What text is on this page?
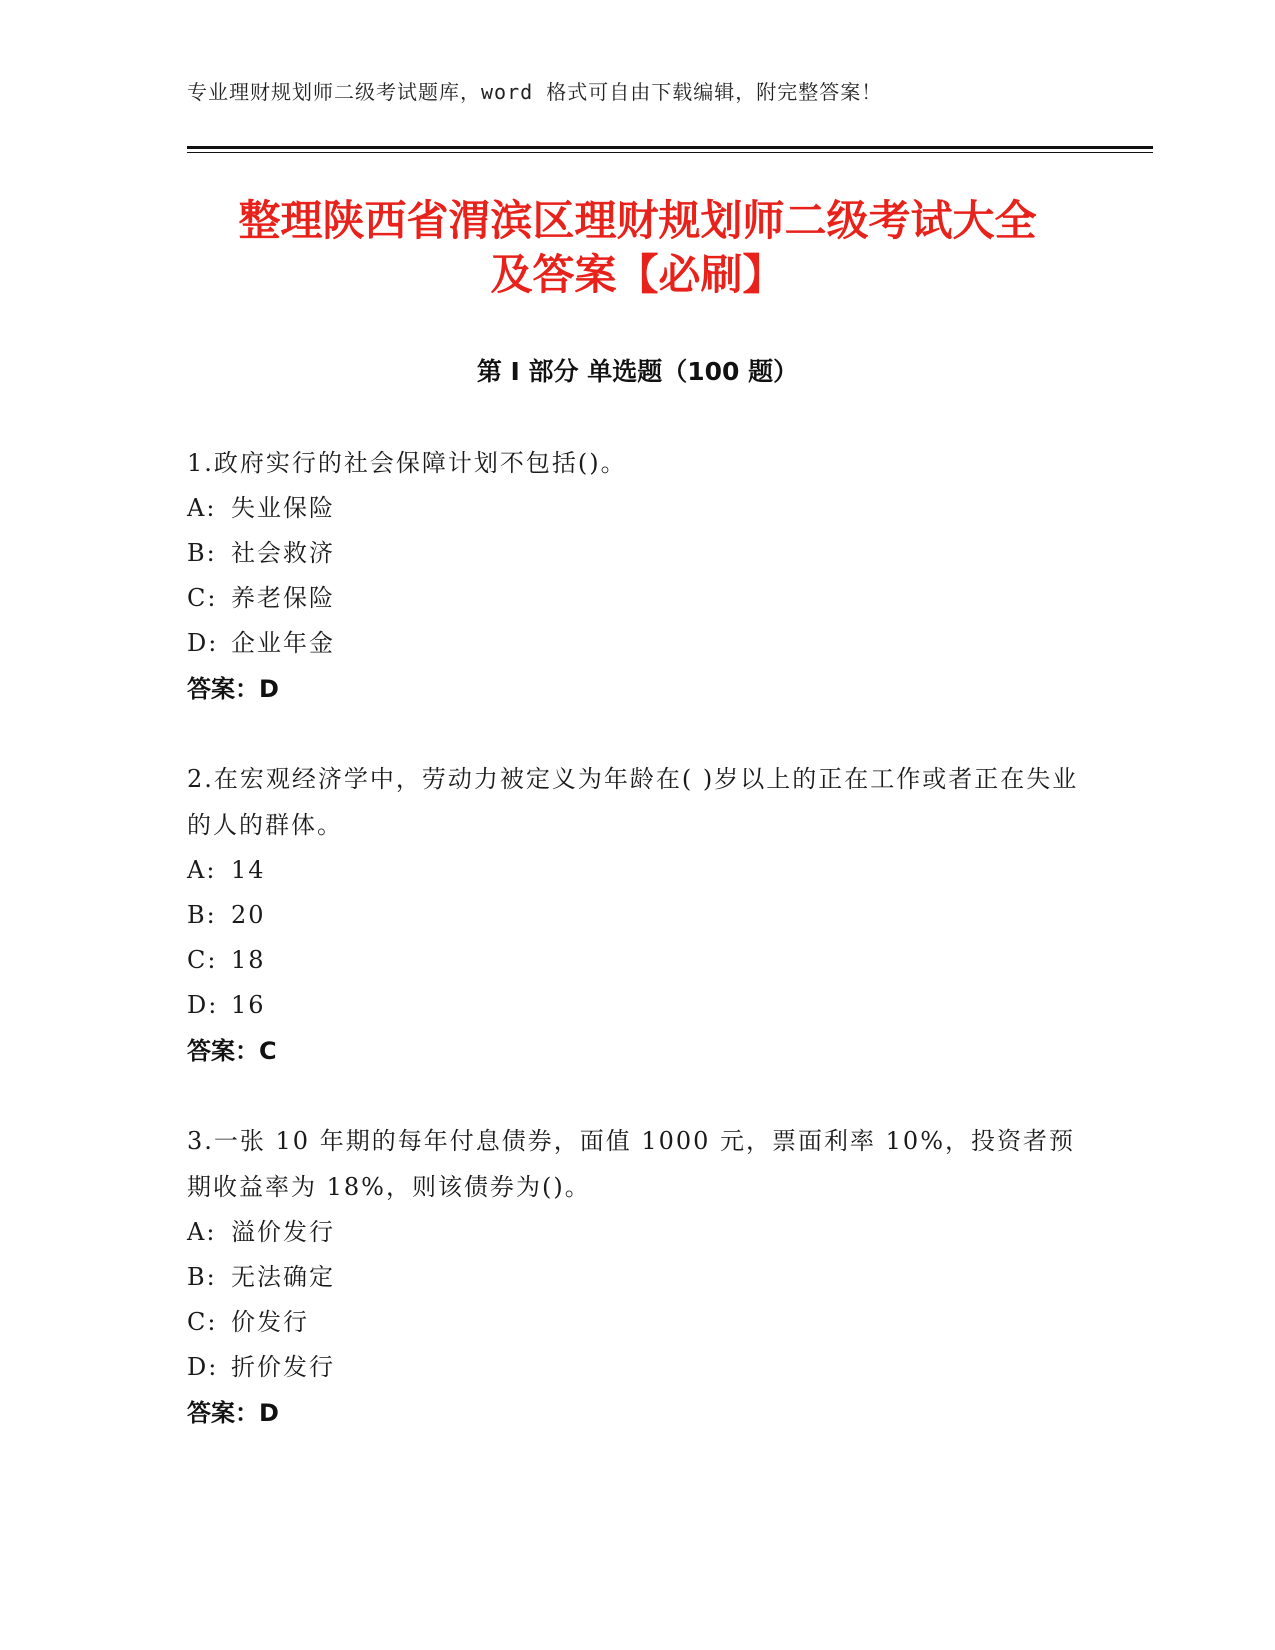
专业理财规划师二级考试题库，word 格式可自由下载编辑，附完整答案！
整理陕西省渭滨区理财规划师二级考试大全
及答案【必刷】
第 I 部分 单选题（100 题）
1.政府实行的社会保障计划不包括()。
A: 失业保险
B: 社会救济
C: 养老保险
D: 企业年金
答案：D
2.在宏观经济学中，劳动力被定义为年龄在( )岁以上的正在工作或者正在失业的人的群体。
A: 14
B: 20
C: 18
D: 16
答案：C
3.一张 10 年期的每年付息债券，面值 1000 元，票面利率 10%，投资者预期收益率为 18%，则该债券为()。
A: 溢价发行
B: 无法确定
C: 价发行
D: 折价发行
答案：D
